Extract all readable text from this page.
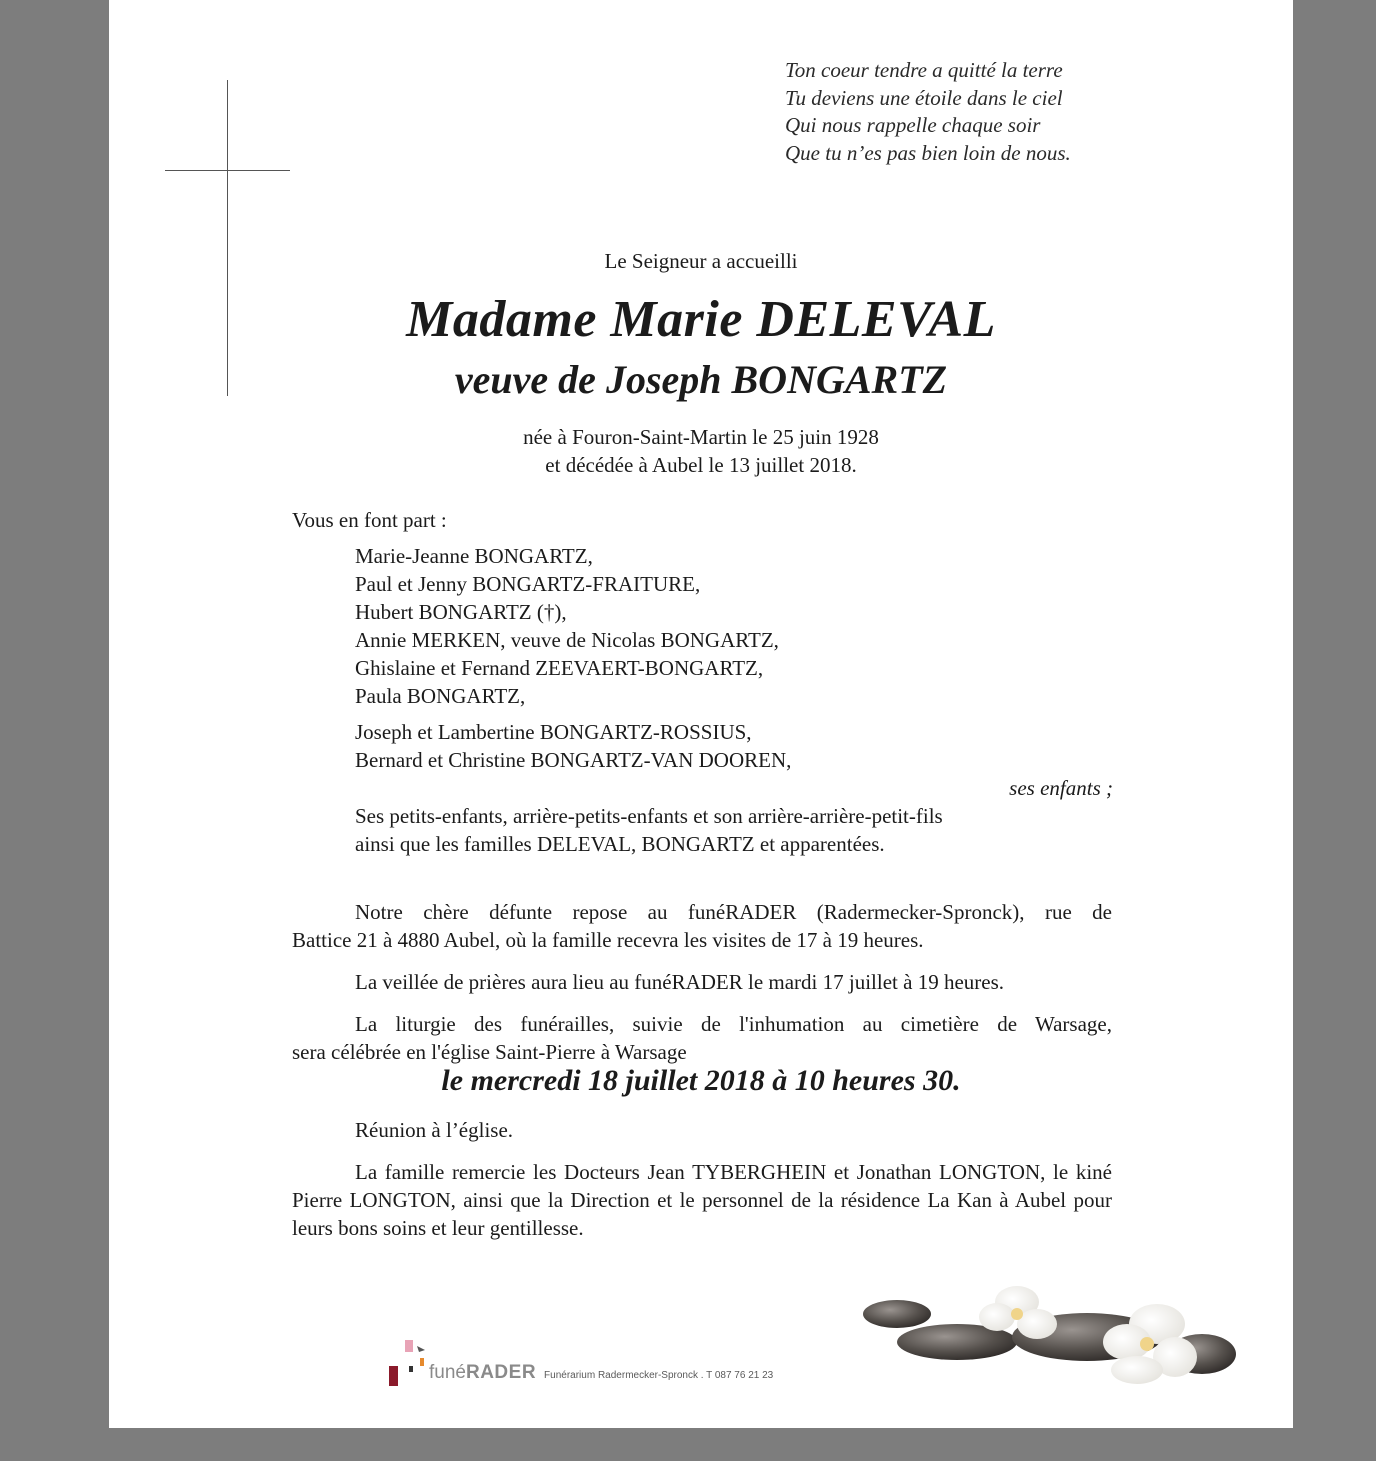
Ton coeur tendre a quitté la terre
Tu deviens une étoile dans le ciel
Qui nous rappelle chaque soir
Que tu n’es pas bien loin de nous.
Le Seigneur a accueilli
Madame Marie DELEVAL
veuve de Joseph BONGARTZ
née à Fouron-Saint-Martin le 25 juin 1928
et décédée à Aubel le 13 juillet 2018.
Vous en font part :
Marie-Jeanne BONGARTZ,
Paul et Jenny BONGARTZ-FRAITURE,
Hubert BONGARTZ (†),
Annie MERKEN, veuve de Nicolas BONGARTZ,
Ghislaine et Fernand ZEEVAERT-BONGARTZ,
Paula BONGARTZ,
Joseph et Lambertine BONGARTZ-ROSSIUS,
Bernard et Christine BONGARTZ-VAN DOOREN,
ses enfants ;
Ses petits-enfants, arrière-petits-enfants et son arrière-arrière-petit-fils
ainsi que les familles DELEVAL, BONGARTZ et apparentées.
Notre chère défunte repose au funéRADER (Radermecker-Spronck), rue de
Battice 21 à 4880 Aubel, où la famille recevra les visites de 17 à 19 heures.
La veillée de prières aura lieu au funéRADER le mardi 17 juillet à 19 heures.
La liturgie des funérailles, suivie de l'inhumation au cimetière de Warsage,
sera célébrée en l'église Saint-Pierre à Warsage
le mercredi 18 juillet 2018 à 10 heures 30.
Réunion à l’église.
La famille remercie les Docteurs Jean TYBERGHEIN et Jonathan LONGTON, le kiné Pierre LONGTON, ainsi que la Direction et le personnel de la résidence La Kan à Aubel pour leurs bons soins et leur gentillesse.
funéRADER Funérarium Radermecker-Spronck . T 087 76 21 23
